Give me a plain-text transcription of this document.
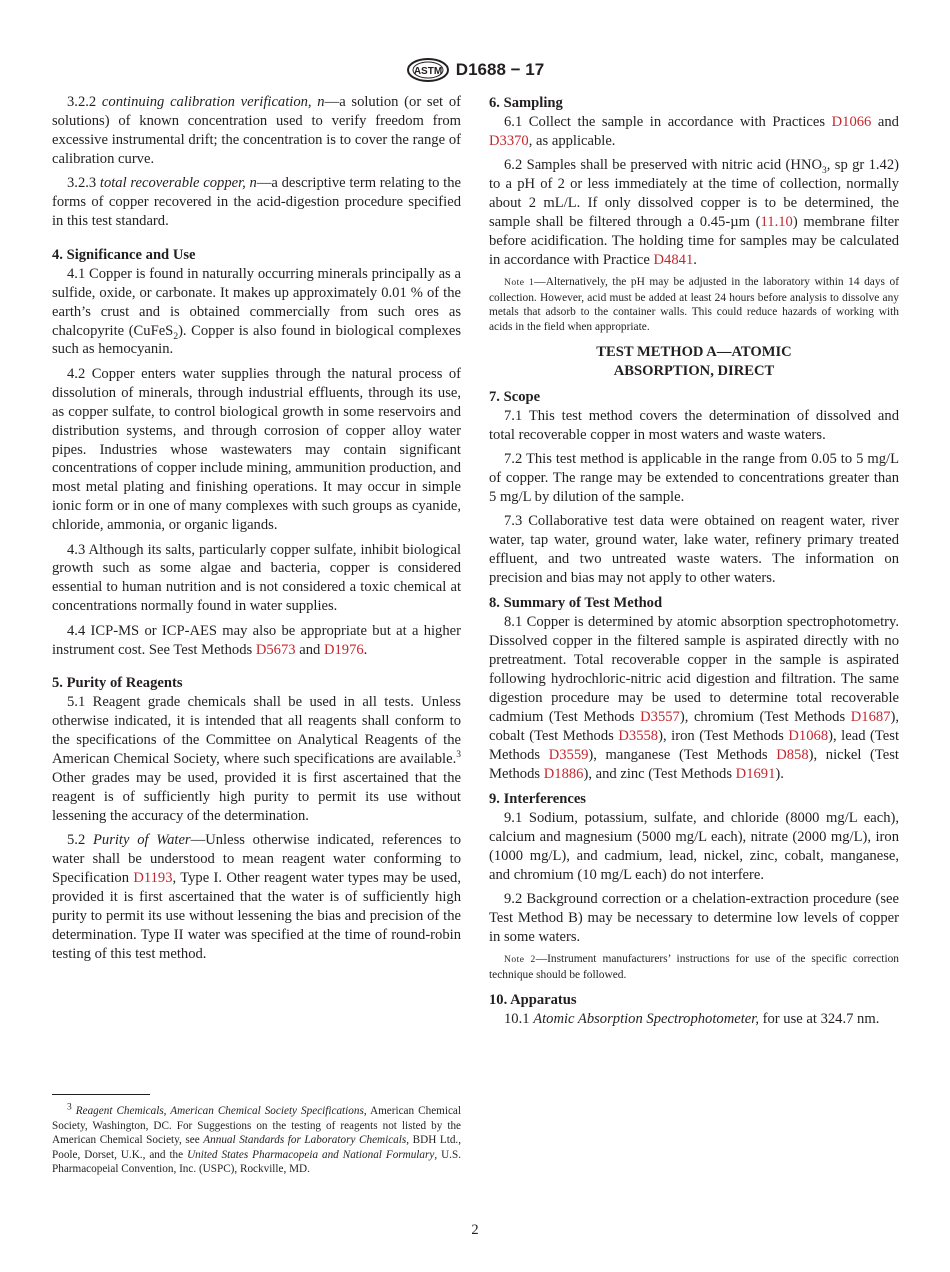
ASTM D1688 − 17

3.2.2 continuing calibration verification, n—a solution (or set of solutions) of known concentration used to verify freedom from excessive instrumental drift; the concentration is to cover the range of calibration curve.

3.2.3 total recoverable copper, n—a descriptive term relating to the forms of copper recovered in the acid-digestion procedure specified in this test standard.

4. Significance and Use

4.1 Copper is found in naturally occurring minerals principally as a sulfide, oxide, or carbonate. It makes up approximately 0.01 % of the earth’s crust and is obtained commercially from such ores as chalcopyrite (CuFeS$_2$). Copper is also found in biological complexes such as hemocyanin.

4.2 Copper enters water supplies through the natural process of dissolution of minerals, through industrial effluents, through its use, as copper sulfate, to control biological growth in some reservoirs and distribution systems, and through corrosion of copper alloy water pipes. Industries whose wastewaters may contain significant concentrations of copper include mining, ammunition production, and most metal plating and finishing operations. It may occur in simple ionic form or in one of many complexes with such groups as cyanide, chloride, ammonia, or organic ligands.

4.3 Although its salts, particularly copper sulfate, inhibit biological growth such as some algae and bacteria, copper is considered essential to human nutrition and is not considered a toxic chemical at concentrations normally found in water supplies.

4.4 ICP-MS or ICP-AES may also be appropriate but at a higher instrument cost. See Test Methods D5673 and D1976.

5. Purity of Reagents

5.1 Reagent grade chemicals shall be used in all tests. Unless otherwise indicated, it is intended that all reagents shall conform to the specifications of the Committee on Analytical Reagents of the American Chemical Society, where such specifications are available.$^3$ Other grades may be used, provided it is first ascertained that the reagent is of sufficiently high purity to permit its use without lessening the accuracy of the determination.

5.2 Purity of Water—Unless otherwise indicated, references to water shall be understood to mean reagent water conforming to Specification D1193, Type I. Other reagent water types may be used, provided it is first ascertained that the water is of sufficiently high purity to permit its use without lessening the bias and precision of the determination. Type II water was specified at the time of round-robin testing of this test method.

$^3$ Reagent Chemicals, American Chemical Society Specifications, American Chemical Society, Washington, DC. For Suggestions on the testing of reagents not listed by the American Chemical Society, see Annual Standards for Laboratory Chemicals, BDH Ltd., Poole, Dorset, U.K., and the United States Pharmacopeia and National Formulary, U.S. Pharmacopeial Convention, Inc. (USPC), Rockville, MD.
6. Sampling

6.1 Collect the sample in accordance with Practices D1066 and D3370, as applicable.

6.2 Samples shall be preserved with nitric acid ($HNO_3$, sp gr 1.42) to a pH of 2 or less immediately at the time of collection, normally about 2 mL/L. If only dissolved copper is to be determined, the sample shall be filtered through a 0.45-µm (11.10) membrane filter before acidification. The holding time for samples may be calculated in accordance with Practice D4841.

Note 1—Alternatively, the pH may be adjusted in the laboratory within 14 days of collection. However, acid must be added at least 24 hours before analysis to dissolve any metals that adsorb to the container walls. This could reduce hazards of working with acids in the field when appropriate.
TEST METHOD A—ATOMIC
ABSORPTION, DIRECT
7. Scope

7.1 This test method covers the determination of dissolved and total recoverable copper in most waters and waste waters.

7.2 This test method is applicable in the range from 0.05 to 5 mg/L of copper. The range may be extended to concentrations greater than 5 mg/L by dilution of the sample.

7.3 Collaborative test data were obtained on reagent water, river water, tap water, ground water, lake water, refinery primary treated effluent, and two untreated waste waters. The information on precision and bias may not apply to other waters.

8. Summary of Test Method

8.1 Copper is determined by atomic absorption spectrophotometry. Dissolved copper in the filtered sample is aspirated directly with no pretreatment. Total recoverable copper in the sample is aspirated following hydrochloric-nitric acid digestion and filtration. The same digestion procedure may be used to determine total recoverable cadmium (Test Methods D3557), chromium (Test Methods D1687), cobalt (Test Methods D3558), iron (Test Methods D1068), lead (Test Methods D3559), manganese (Test Methods D858), nickel (Test Methods D1886), and zinc (Test Methods D1691).

9. Interferences

9.1 Sodium, potassium, sulfate, and chloride (8000 mg/L each), calcium and magnesium (5000 mg/L each), nitrate (2000 mg/L), iron (1000 mg/L), and cadmium, lead, nickel, zinc, cobalt, manganese, and chromium (10 mg/L each) do not interfere.

9.2 Background correction or a chelation-extraction procedure (see Test Method B) may be necessary to determine low levels of copper in some waters.

Note 2—Instrument manufacturers’ instructions for use of the specific correction technique should be followed.
10. Apparatus

10.1 Atomic Absorption Spectrophotometer, for use at 324.7 nm.

2
